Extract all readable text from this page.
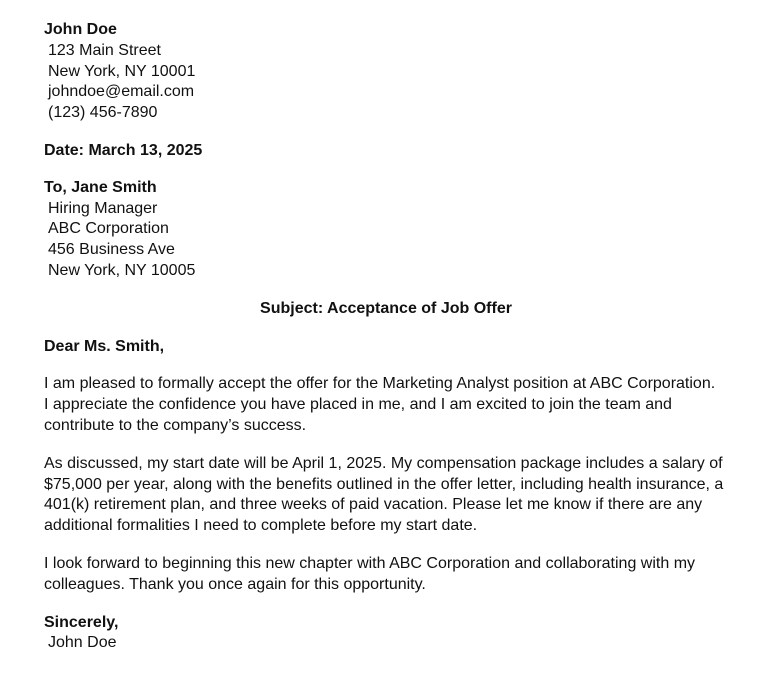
John Doe
123 Main Street
New York, NY 10001
johndoe@email.com
(123) 456-7890
Date: March 13, 2025
To, Jane Smith
Hiring Manager
ABC Corporation
456 Business Ave
New York, NY 10005
Subject: Acceptance of Job Offer
Dear Ms. Smith,
I am pleased to formally accept the offer for the Marketing Analyst position at ABC Corporation.
I appreciate the confidence you have placed in me, and I am excited to join the team and
contribute to the company’s success.
As discussed, my start date will be April 1, 2025. My compensation package includes a salary of
$75,000 per year, along with the benefits outlined in the offer letter, including health insurance, a
401(k) retirement plan, and three weeks of paid vacation. Please let me know if there are any
additional formalities I need to complete before my start date.
I look forward to beginning this new chapter with ABC Corporation and collaborating with my
colleagues. Thank you once again for this opportunity.
Sincerely,
John Doe
